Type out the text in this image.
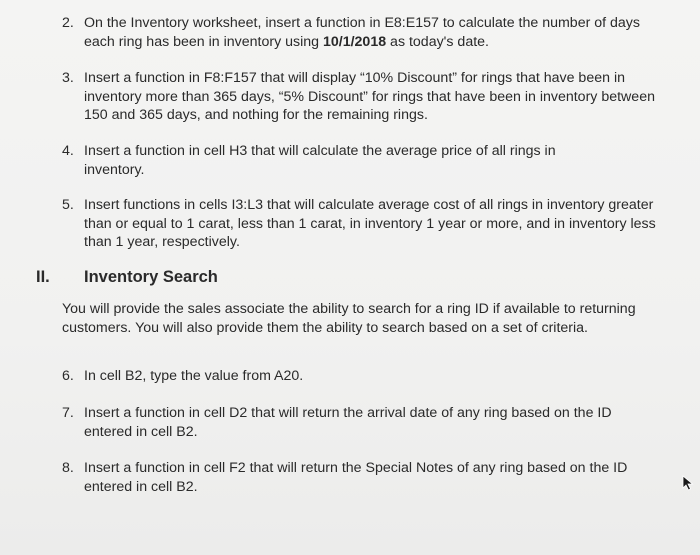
2. On the Inventory worksheet, insert a function in E8:E157 to calculate the number of days each ring has been in inventory using 10/1/2018 as today's date.
3. Insert a function in F8:F157 that will display “10% Discount” for rings that have been in inventory more than 365 days, “5% Discount” for rings that have been in inventory between 150 and 365 days, and nothing for the remaining rings.
4. Insert a function in cell H3 that will calculate the average price of all rings in inventory.
5. Insert functions in cells I3:L3 that will calculate average cost of all rings in inventory greater than or equal to 1 carat, less than 1 carat, in inventory 1 year or more, and in inventory less than 1 year, respectively.
II. Inventory Search
You will provide the sales associate the ability to search for a ring ID if available to returning customers. You will also provide them the ability to search based on a set of criteria.
6. In cell B2, type the value from A20.
7. Insert a function in cell D2 that will return the arrival date of any ring based on the ID entered in cell B2.
8. Insert a function in cell F2 that will return the Special Notes of any ring based on the ID entered in cell B2.
